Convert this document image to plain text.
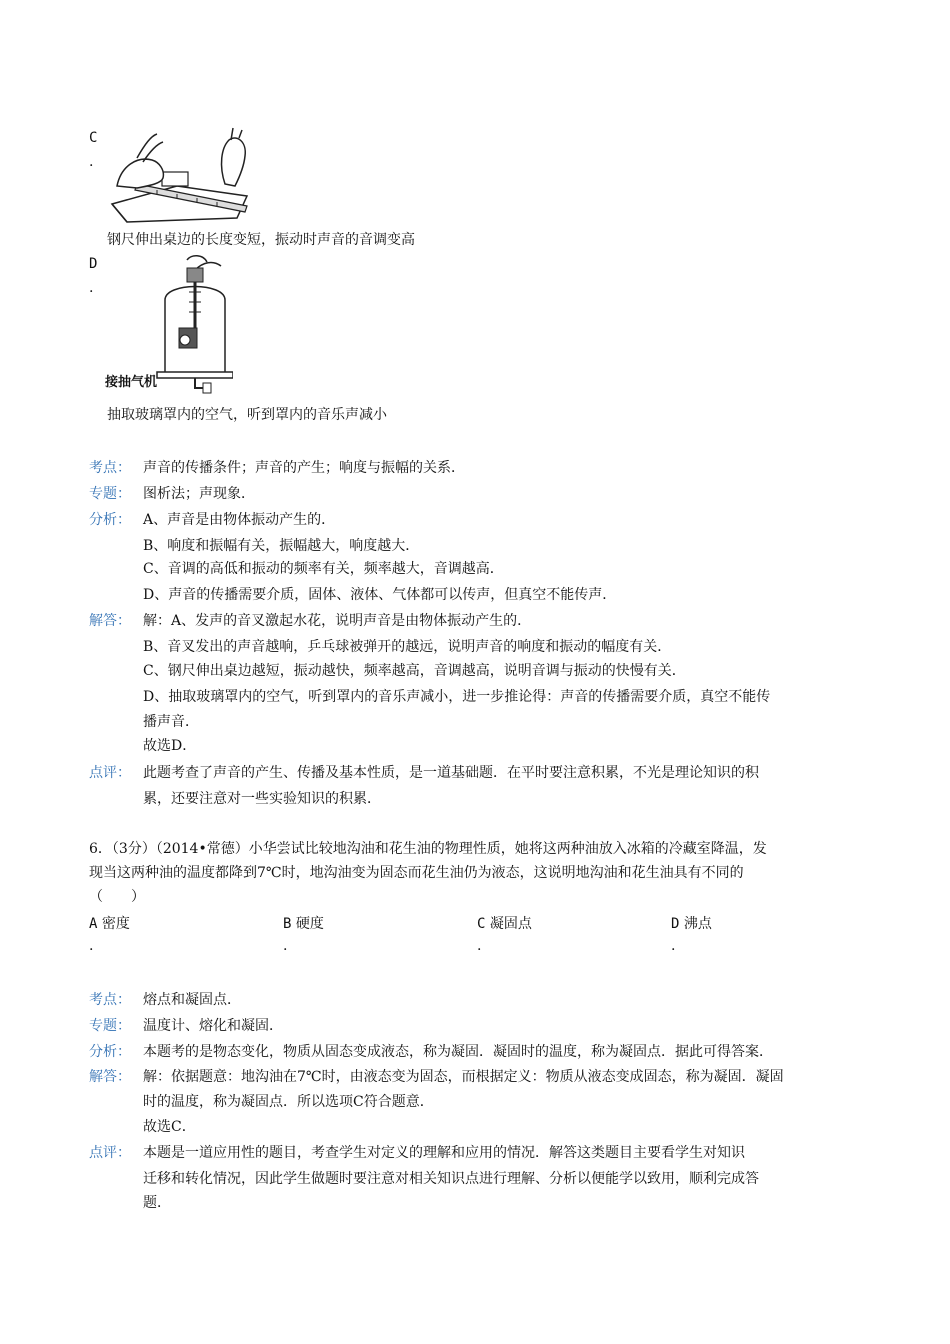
C
.
钢尺伸出桌边的长度变短，振动时声音的音调变高
D
.
接抽气机
抽取玻璃罩内的空气，听到罩内的音乐声减小
考点： 声音的传播条件；声音的产生；响度与振幅的关系．
专题： 图析法；声现象．
分析： A、声音是由物体振动产生的．
B、响度和振幅有关，振幅越大，响度越大．
C、音调的高低和振动的频率有关，频率越大，音调越高．
D、声音的传播需要介质，固体、液体、气体都可以传声，但真空不能传声．
解答： 解：A、发声的音叉激起水花，说明声音是由物体振动产生的．
B、音叉发出的声音越响，乒乓球被弹开的越远，说明声音的响度和振动的幅度有关．
C、钢尺伸出桌边越短，振动越快，频率越高，音调越高，说明音调与振动的快慢有关．
D、抽取玻璃罩内的空气，听到罩内的音乐声减小，进一步推论得：声音的传播需要介质，真空不能传
播声音．
故选D．
点评： 此题考查了声音的产生、传播及基本性质，是一道基础题．在平时要注意积累，不光是理论知识的积
累，还要注意对一些实验知识的积累．
6．（3分）（2014•常德）小华尝试比较地沟油和花生油的物理性质，她将这两种油放入冰箱的冷藏室降温，发
现当这两种油的温度都降到7℃时，地沟油变为固态而花生油仍为液态，这说明地沟油和花生油具有不同的
（　　）
A 密度
.
B 硬度
.
C 凝固点
.
D 沸点
.
考点： 熔点和凝固点．
专题： 温度计、熔化和凝固．
分析： 本题考的是物态变化，物质从固态变成液态，称为凝固．凝固时的温度，称为凝固点．据此可得答案．
解答： 解：依据题意：地沟油在7℃时，由液态变为固态，而根据定义：物质从液态变成固态，称为凝固．凝固
时的温度，称为凝固点．所以选项C符合题意．
故选C．
点评： 本题是一道应用性的题目，考查学生对定义的理解和应用的情况．解答这类题目主要看学生对知识
迁移和转化情况，因此学生做题时要注意对相关知识点进行理解、分析以便能学以致用，顺利完成答
题．
